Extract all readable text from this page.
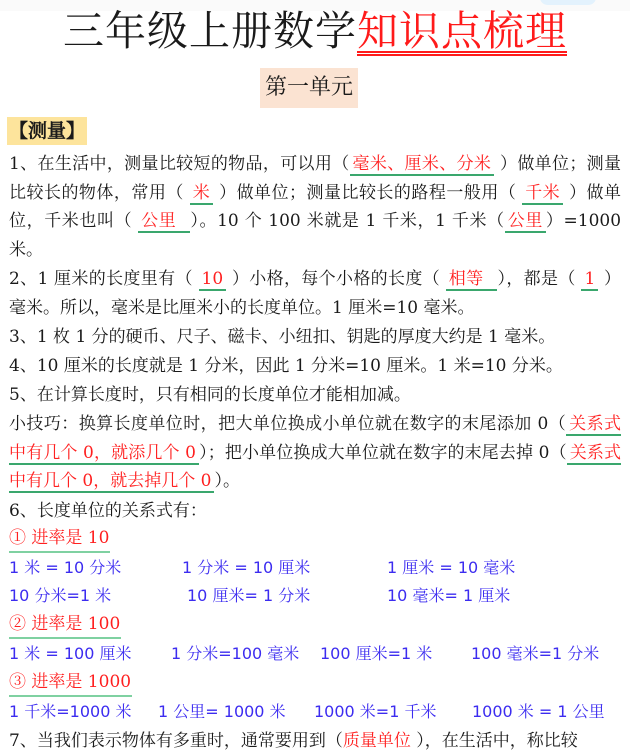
三年级上册数学知识点梳理
第一单元
【测量】
1、在生活中，测量比较短的物品，可以用（ 毫米、厘米、分米 ）做单位；测量比较长的物体，常用（ 米 ）做单位；测量比较长的路程一般用（ 千米 ）做单位，千米也叫（ 公里 ）。10 个 100 米就是 1 千米，1 千米（ 公里 ）=1000 米。
2、1 厘米的长度里有（ 10 ）小格，每个小格的长度（ 相等 ），都是（ 1 ）毫米。所以，毫米是比厘米小的长度单位。1 厘米=10 毫米。
3、1 枚 1 分的硬币、尺子、磁卡、小纽扣、钥匙的厚度大约是 1 毫米。
4、10 厘米的长度就是 1 分米，因此 1 分米=10 厘米。1 米=10 分米。
5、在计算长度时，只有相同的长度单位才能相加减。
小技巧：换算长度单位时，把大单位换成小单位就在数字的末尾添加 0（ 关系式中有几个 0，就添几个 0 ）；把小单位换成大单位就在数字的末尾去掉 0（ 关系式中有几个 0，就去掉几个 0 ）。
6、长度单位的关系式有：
① 进率是 10
1 米 = 10 分米	1 分米 = 10 厘米	1 厘米 = 10 毫米
10 分米=1 米	10 厘米= 1 分米	10 毫米= 1 厘米
② 进率是 100
1 米 = 100 厘米 1 分米=100 毫米 100 厘米=1 米 100 毫米=1 分米
③ 进率是 1000
1 千米=1000 米 1 公里= 1000 米 1000 米=1 千米 1000 米 = 1 公里
7、当我们表示物体有多重时，通常要用到（质量单位 ），在生活中，称比较
